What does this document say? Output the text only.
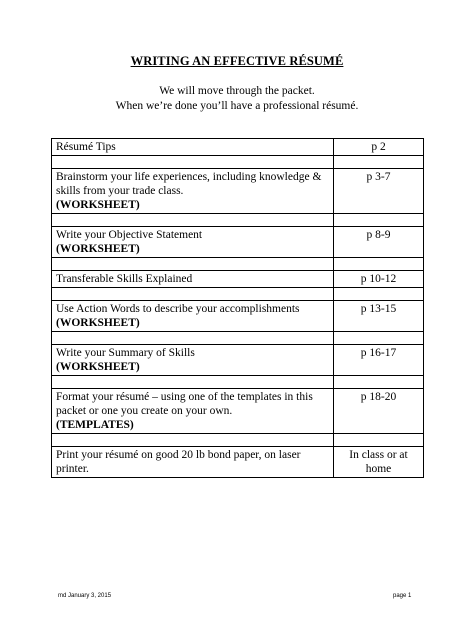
WRITING AN EFFECTIVE RÉSUMÉ
We will move through the packet.
When we’re done you’ll have a professional résumé.
Résumé Tips	p 2

Brainstorm your life experiences, including knowledge & skills from your trade class.
(WORKSHEET)	p 3-7

Write your Objective Statement
(WORKSHEET)	p 8-9

Transferable Skills Explained	p 10-12

Use Action Words to describe your accomplishments
(WORKSHEET)	p 13-15

Write your Summary of Skills
(WORKSHEET)	p 16-17

Format your résumé – using one of the templates in this packet or one you create on your own.
(TEMPLATES)	p 18-20

Print your résumé on good 20 lb bond paper, on laser printer.	In class or at home
md January 3, 2015	page 1
